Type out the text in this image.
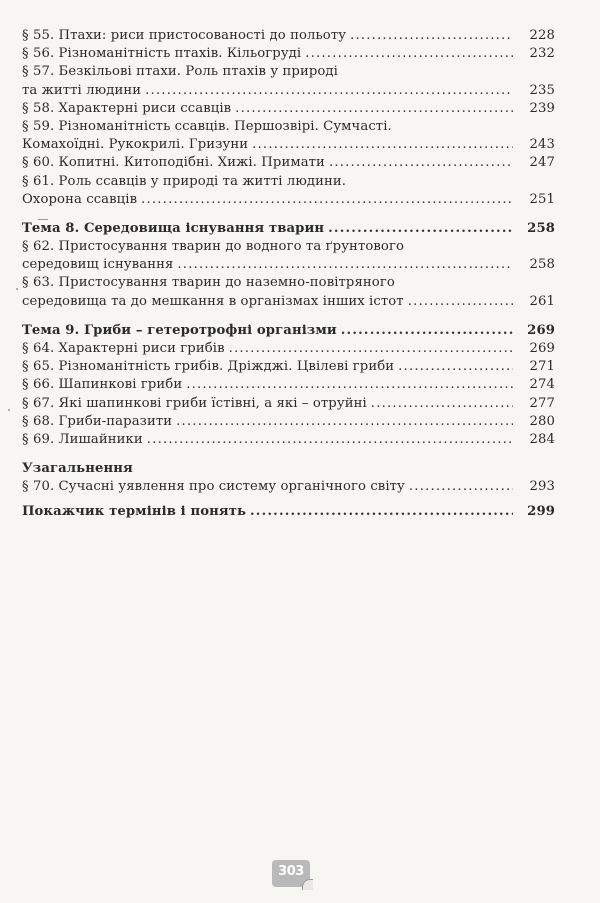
§ 55. Птахи: риси пристосованості до польоту .....	228
§ 56. Різноманітність птахів. Кільогруді .....	232
§ 57. Безкільові птахи. Роль птахів у природі
та житті людини .....	235
§ 58. Характерні риси ссавців .....	239
§ 59. Різноманітність ссавців. Першозвірі. Сумчасті.
Комахоїдні. Рукокрилі. Гризуни .....	243
§ 60. Копитні. Китоподібні. Хижі. Примати .....	247
§ 61. Роль ссавців у природі та житті людини.
Охорона ссавців .....	251
Тема 8. Середовища існування тварин .....	258
§ 62. Пристосування тварин до водного та ґрунтового
середовищ існування .....	258
§ 63. Пристосування тварин до наземно-повітряного
середовища та до мешкання в організмах інших істот .....	261
Тема 9. Гриби – гетеротрофні організми .....	269
§ 64. Характерні риси грибів .....	269
§ 65. Різноманітність грибів. Дріжджі. Цвілеві гриби .....	271
§ 66. Шапинкові гриби .....	274
§ 67. Які шапинкові гриби їстівні, а які – отруйні .....	277
§ 68. Гриби-паразити .....	280
§ 69. Лишайники .....	284
Узагальнення
§ 70. Сучасні уявлення про систему органічного світу .....	293
Покажчик термінів і понять .....	299
303
